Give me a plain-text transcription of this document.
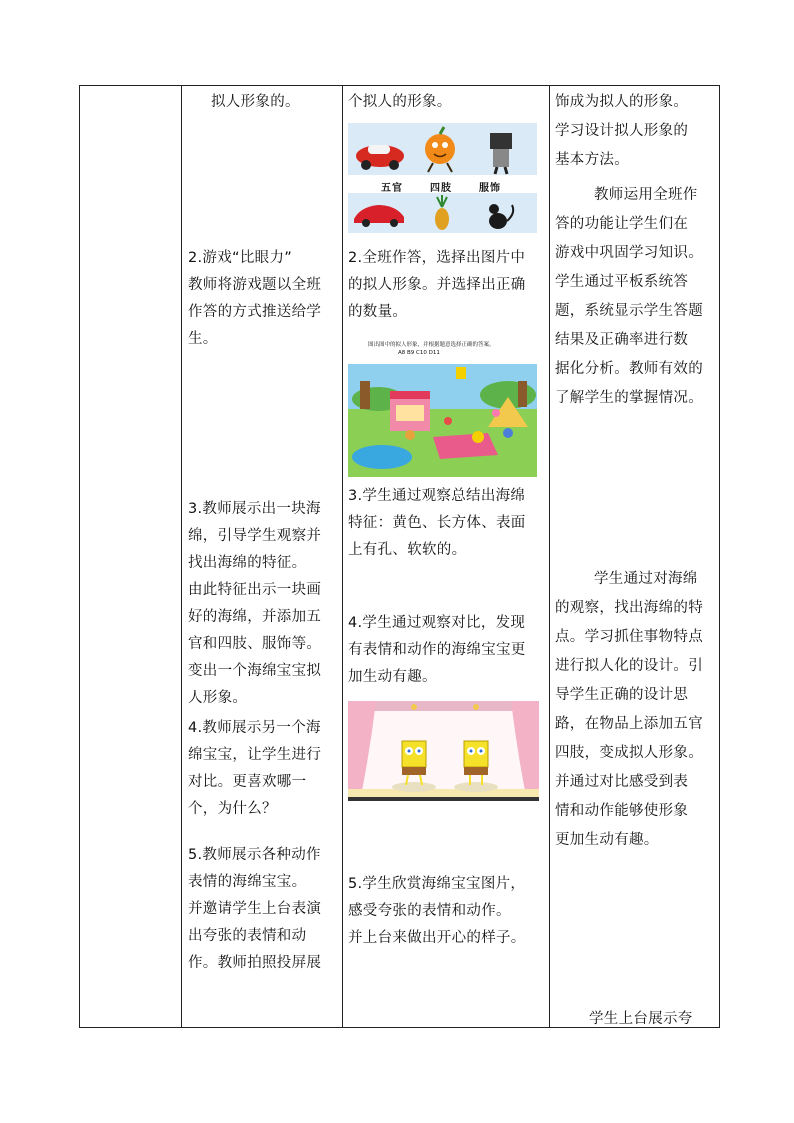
拟人形象的。
2.游戏“比眼力”
教师将游戏题以全班
作答的方式推送给学
生。
3.教师展示出一块海
绵，引导学生观察并
找出海绵的特征。
由此特征出示一块画
好的海绵，并添加五
官和四肢、服饰等。
变出一个海绵宝宝拟
人形象。
4.教师展示另一个海
绵宝宝，让学生进行
对比。更喜欢哪一
个，为什么？
5.教师展示各种动作
表情的海绵宝宝。
并邀请学生上台表演
出夸张的表情和动
作。教师拍照投屏展
个拟人的形象。
五官	四肢	服饰
2.全班作答，选择出图片中
的拟人形象。并选择出正确
的数量。
图出图中的拟人形象，并根据题意选择正确的答案。
A8 B9 C10 D11
3.学生通过观察总结出海绵
特征：黄色、长方体、表面
上有孔、软软的。
4.学生通过观察对比，发现
有表情和动作的海绵宝宝更
加生动有趣。
5.学生欣赏海绵宝宝图片，
感受夸张的表情和动作。
并上台来做出开心的样子。
饰成为拟人的形象。
学习设计拟人形象的
基本方法。
教师运用全班作
答的功能让学生们在
游戏中巩固学习知识。
学生通过平板系统答
题，系统显示学生答题
结果及正确率进行数
据化分析。教师有效的
了解学生的掌握情况。
学生通过对海绵
的观察，找出海绵的特
点。学习抓住事物特点
进行拟人化的设计。引
导学生正确的设计思
路，在物品上添加五官
四肢，变成拟人形象。
并通过对比感受到表
情和动作能够使形象
更加生动有趣。
学生上台展示夸
